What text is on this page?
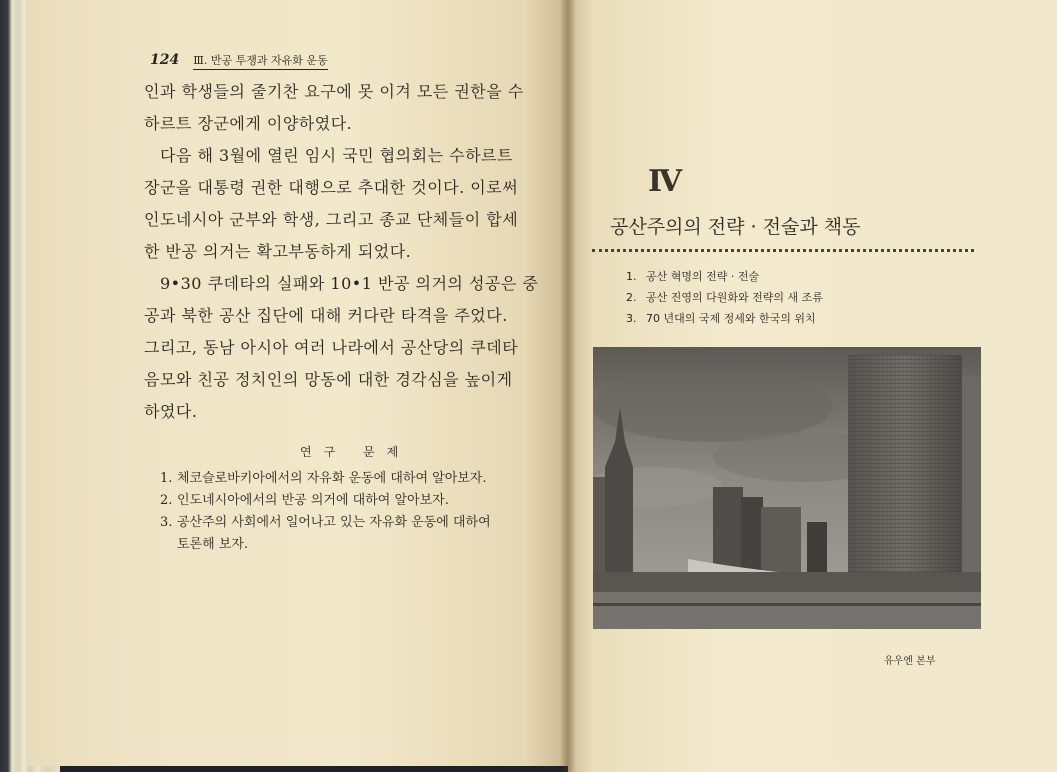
124 Ⅲ. 반공 투쟁과 자유화 운동

인과 학생들의 줄기찬 요구에 못 이겨 모든 권한을 수
하르트 장군에게 이양하였다.

다음 해 3월에 열린 임시 국민 협의회는 수하르트
장군을 대통령 권한 대행으로 추대한 것이다. 이로써
인도네시아 군부와 학생, 그리고 종교 단체들이 합세
한 반공 의거는 확고부동하게 되었다.

9•30 쿠데타의 실패와 10•1 반공 의거의 성공은 중
공과 북한 공산 집단에 대해 커다란 타격을 주었다.
그리고, 동남 아시아 여러 나라에서 공산당의 쿠데타
음모와 친공 정치인의 망동에 대한 경각심을 높이게
하였다.

연구 문제
1. 체코슬로바키아에서의 자유화 운동에 대하여 알아보자.
2. 인도네시아에서의 반공 의거에 대하여 알아보자.
3. 공산주의 사회에서 일어나고 있는 자유화 운동에 대하여
토론해 보자.
Ⅳ
공산주의의 전략 · 전술과 책동
1. 공산 혁명의 전략 · 전술
2. 공산 진영의 다원화와 전략의 새 조류
3. 70 년대의 국제 정세와 한국의 위치
유우엔 본부
